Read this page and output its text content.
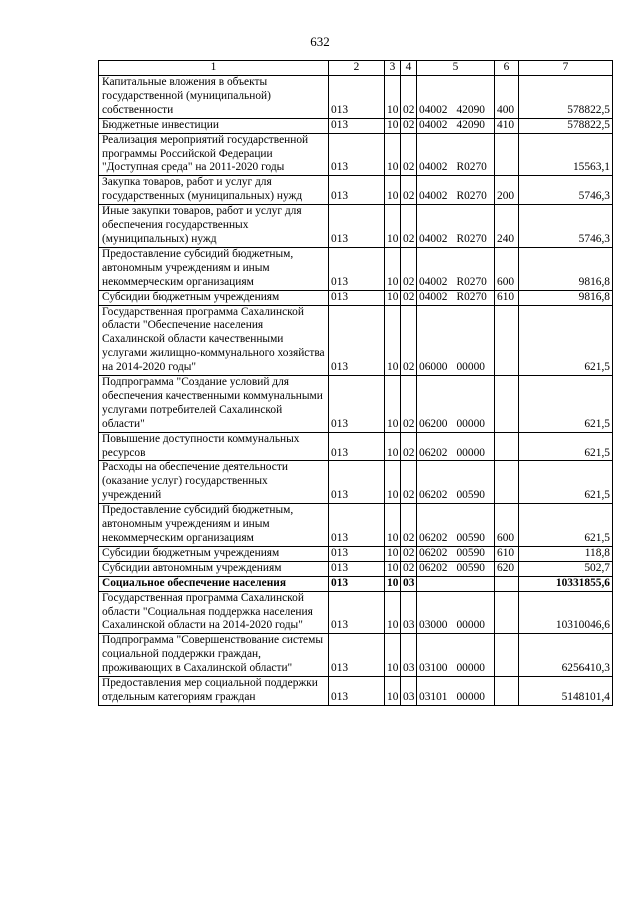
632
1	2	3	4	5	6	7
Капитальные вложения в объекты государственной (муниципальной) собственности	013	10	02	04002 42090	400	578822,5
Бюджетные инвестиции	013	10	02	04002 42090	410	578822,5
Реализация мероприятий государственной программы Российской Федерации "Доступная среда" на 2011-2020 годы	013	10	02	04002 R0270		15563,1
Закупка товаров, работ и услуг для государственных (муниципальных) нужд	013	10	02	04002 R0270	200	5746,3
Иные закупки товаров, работ и услуг для обеспечения государственных (муниципальных) нужд	013	10	02	04002 R0270	240	5746,3
Предоставление субсидий бюджетным, автономным учреждениям и иным некоммерческим организациям	013	10	02	04002 R0270	600	9816,8
Субсидии бюджетным учреждениям	013	10	02	04002 R0270	610	9816,8
Государственная программа Сахалинской области "Обеспечение населения Сахалинской области качественными услугами жилищно-коммунального хозяйства на 2014-2020 годы"	013	10	02	06000 00000		621,5
Подпрограмма "Создание условий для обеспечения качественными коммунальными услугами потребителей Сахалинской области"	013	10	02	06200 00000		621,5
Повышение доступности коммунальных ресурсов	013	10	02	06202 00000		621,5
Расходы на обеспечение деятельности (оказание услуг) государственных учреждений	013	10	02	06202 00590		621,5
Предоставление субсидий бюджетным, автономным учреждениям и иным некоммерческим организациям	013	10	02	06202 00590	600	621,5
Субсидии бюджетным учреждениям	013	10	02	06202 00590	610	118,8
Субсидии автономным учреждениям	013	10	02	06202 00590	620	502,7
Социальное обеспечение населения	013	10	03			10331855,6
Государственная программа Сахалинской области "Социальная поддержка населения Сахалинской области на 2014-2020 годы"	013	10	03	03000 00000		10310046,6
Подпрограмма "Совершенствование системы социальной поддержки граждан, проживающих в Сахалинской области"	013	10	03	03100 00000		6256410,3
Предоставления мер социальной поддержки отдельным категориям граждан	013	10	03	03101 00000		5148101,4
